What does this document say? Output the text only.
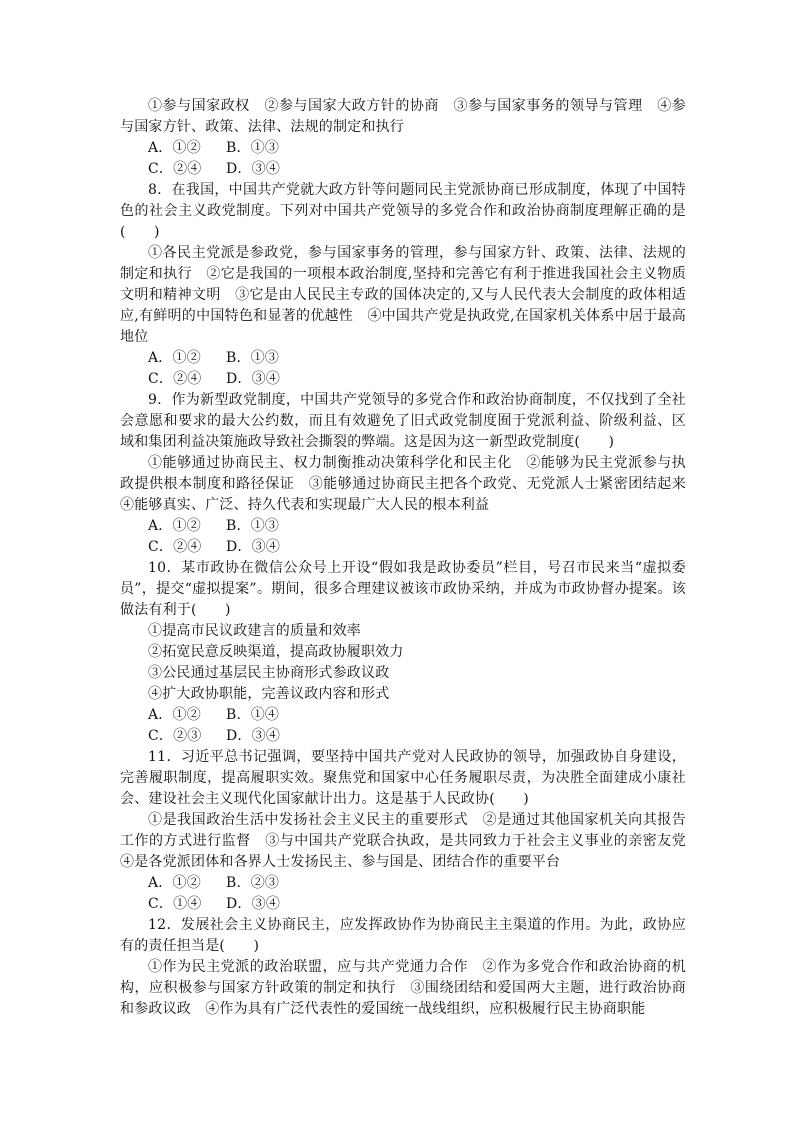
①参与国家政权　②参与国家大政方针的协商　③参与国家事务的领导与管理　④参与国家方针、政策、法律、法规的制定和执行

A．①② B．①③

C．②④ D．③④

8．在我国，中国共产党就大政方针等问题同民主党派协商已形成制度，体现了中国特色的社会主义政党制度。下列对中国共产党领导的多党合作和政治协商制度理解正确的是(　　)

①各民主党派是参政党，参与国家事务的管理，参与国家方针、政策、法律、法规的制定和执行　②它是我国的一项根本政治制度,坚持和完善它有利于推进我国社会主义物质文明和精神文明　③它是由人民民主专政的国体决定的,又与人民代表大会制度的政体相适应,有鲜明的中国特色和显著的优越性　④中国共产党是执政党,在国家机关体系中居于最高地位

A．①② B．①③

C．②④ D．③④

9．作为新型政党制度，中国共产党领导的多党合作和政治协商制度，不仅找到了全社会意愿和要求的最大公约数，而且有效避免了旧式政党制度囿于党派利益、阶级利益、区域和集团利益决策施政导致社会撕裂的弊端。这是因为这一新型政党制度(　　)

①能够通过协商民主、权力制衡推动决策科学化和民主化　②能够为民主党派参与执政提供根本制度和路径保证　③能够通过协商民主把各个政党、无党派人士紧密团结起来　④能够真实、广泛、持久代表和实现最广大人民的根本利益

A．①② B．①③

C．②④ D．③④

10．某市政协在微信公众号上开设“假如我是政协委员”栏目，号召市民来当“虚拟委员”，提交“虚拟提案”。期间，很多合理建议被该市政协采纳，并成为市政协督办提案。该做法有利于(　　)

①提高市民议政建言的质量和效率

②拓宽民意反映渠道，提高政协履职效力

③公民通过基层民主协商形式参政议政

④扩大政协职能，完善议政内容和形式

A．①② B．①④

C．②③ D．③④

11．习近平总书记强调，要坚持中国共产党对人民政协的领导，加强政协自身建设，完善履职制度，提高履职实效。聚焦党和国家中心任务履职尽责，为决胜全面建成小康社会、建设社会主义现代化国家献计出力。这是基于人民政协(　　)

①是我国政治生活中发扬社会主义民主的重要形式　②是通过其他国家机关向其报告工作的方式进行监督　③与中国共产党联合执政，是共同致力于社会主义事业的亲密友党④是各党派团体和各界人士发扬民主、参与国是、团结合作的重要平台

A．①② B．②③

C．①④ D．③④

12．发展社会主义协商民主，应发挥政协作为协商民主主渠道的作用。为此，政协应有的责任担当是(　　)

①作为民主党派的政治联盟，应与共产党通力合作　②作为多党合作和政治协商的机构，应积极参与国家方针政策的制定和执行　③围绕团结和爱国两大主题，进行政治协商和参政议政　④作为具有广泛代表性的爱国统一战线组织，应积极履行民主协商职能
